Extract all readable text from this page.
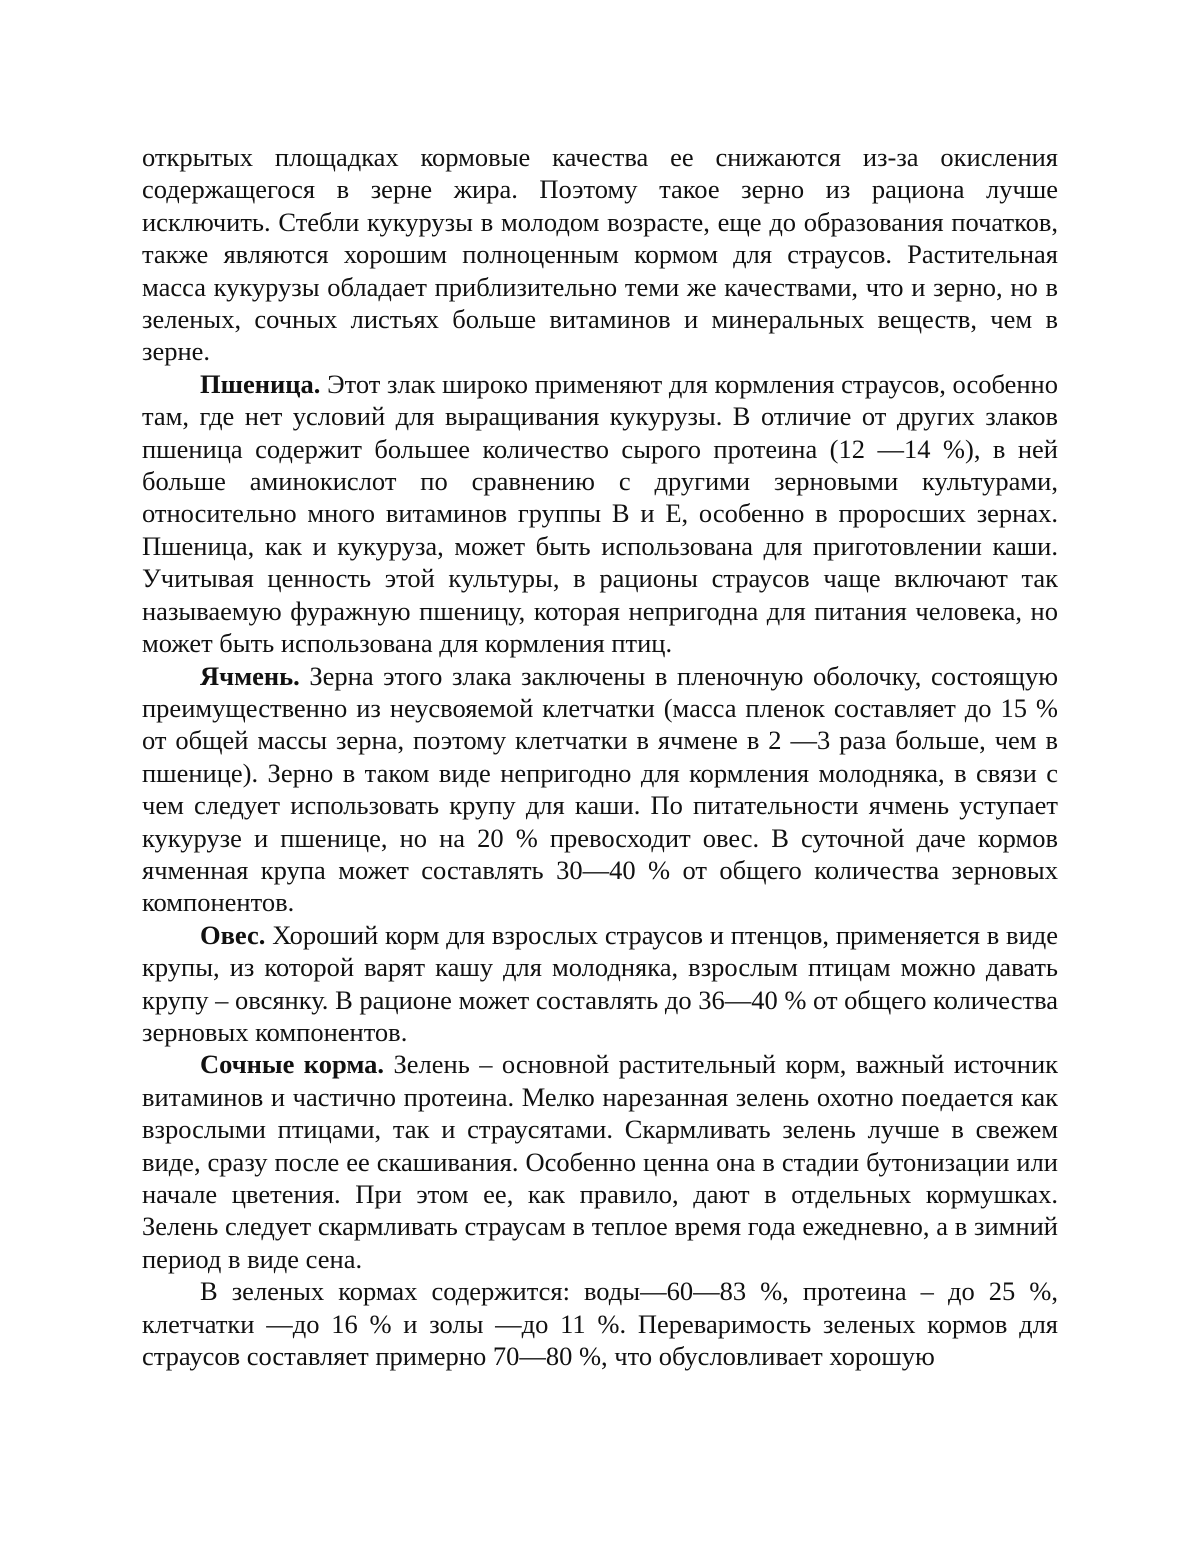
открытых площадках кормовые качества ее снижаются из-за окисления содержащегося в зерне жира. Поэтому такое зерно из рациона лучше исключить. Стебли кукурузы в молодом возрасте, еще до образования початков, также являются хорошим полноценным кормом для страусов. Растительная масса кукурузы обладает приблизительно теми же качествами, что и зерно, но в зеленых, сочных листьях больше витаминов и минеральных веществ, чем в зерне.

Пшеница. Этот злак широко применяют для кормления страусов, особенно там, где нет условий для выращивания кукурузы. В отличие от других злаков пшеница содержит большее количество сырого протеина (12 —14 %), в ней больше аминокислот по сравнению с другими зерновыми культурами, относительно много витаминов группы В и Е, особенно в проросших зернах. Пшеница, как и кукуруза, может быть использована для приготовлении каши. Учитывая ценность этой культуры, в рационы страусов чаще включают так называемую фуражную пшеницу, которая непригодна для питания человека, но может быть использована для кормления птиц.

Ячмень. Зерна этого злака заключены в пленочную оболочку, состоящую преимущественно из неусвояемой клетчатки (масса пленок составляет до 15 % от общей массы зерна, поэтому клетчатки в ячмене в 2 —3 раза больше, чем в пшенице). Зерно в таком виде непригодно для кормления молодняка, в связи с чем следует использовать крупу для каши. По питательности ячмень уступает кукурузе и пшенице, но на 20 % превосходит овес. В суточной даче кормов ячменная крупа может составлять 30—40 % от общего количества зерновых компонентов.

Овес. Хороший корм для взрослых страусов и птенцов, применяется в виде крупы, из которой варят кашу для молодняка, взрослым птицам можно давать крупу – овсянку. В рационе может составлять до 36—40 % от общего количества зерновых компонентов.

Сочные корма. Зелень – основной растительный корм, важный источник витаминов и частично протеина. Мелко нарезанная зелень охотно поедается как взрослыми птицами, так и страусятами. Скармливать зелень лучше в свежем виде, сразу после ее скашивания. Особенно ценна она в стадии бутонизации или начале цветения. При этом ее, как правило, дают в отдельных кормушках. Зелень следует скармливать страусам в теплое время года ежедневно, а в зимний период в виде сена.

В зеленых кормах содержится: воды—60—83 %, протеина – до 25 %, клетчатки —до 16 % и золы —до 11 %. Переваримость зеленых кормов для страусов составляет примерно 70—80 %, что обусловливает хорошую
